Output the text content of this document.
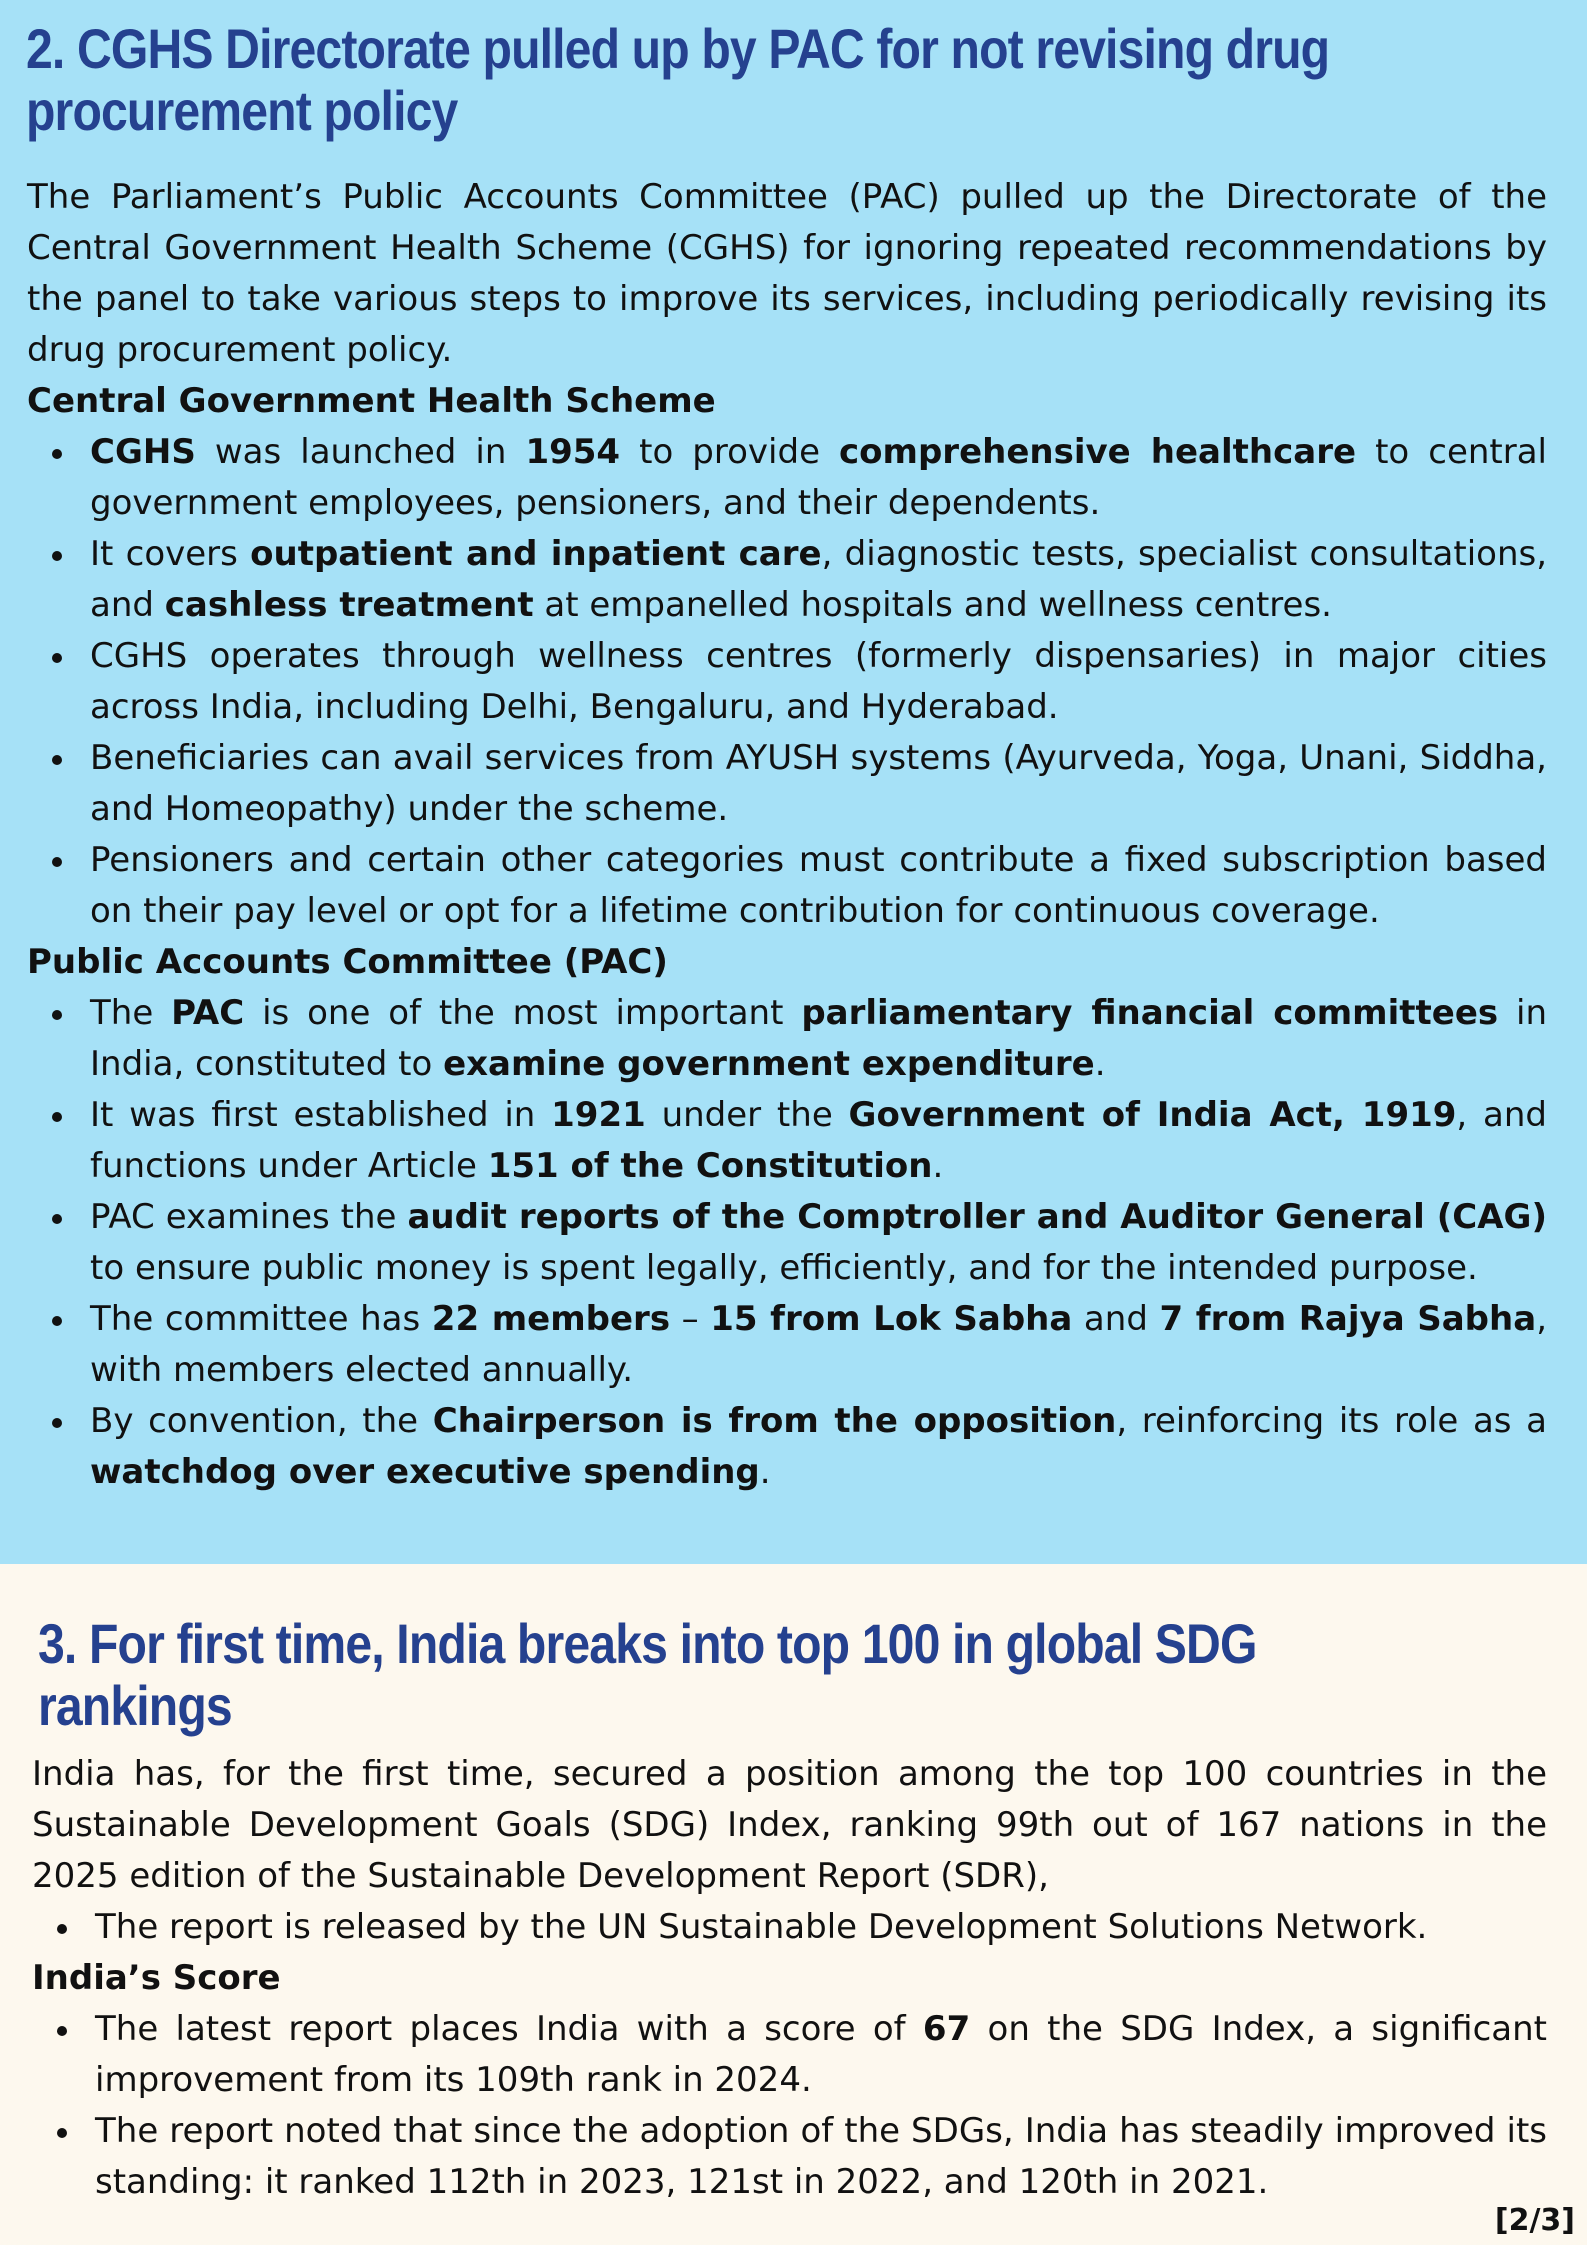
2. CGHS Directorate pulled up by PAC for not revising drug procurement policy

The Parliament’s Public Accounts Committee (PAC) pulled up the Directorate of the Central Government Health Scheme (CGHS) for ignoring repeated recommendations by the panel to take various steps to improve its services, including periodically revising its drug procurement policy.

Central Government Health Scheme

CGHS was launched in 1954 to provide comprehensive healthcare to central government employees, pensioners, and their dependents.
It covers outpatient and inpatient care, diagnostic tests, specialist consultations, and cashless treatment at empanelled hospitals and wellness centres.
CGHS operates through wellness centres (formerly dispensaries) in major cities across India, including Delhi, Bengaluru, and Hyderabad.
Beneficiaries can avail services from AYUSH systems (Ayurveda, Yoga, Unani, Siddha, and Homeopathy) under the scheme.
Pensioners and certain other categories must contribute a fixed subscription based on their pay level or opt for a lifetime contribution for continuous coverage.

Public Accounts Committee (PAC)

The PAC is one of the most important parliamentary financial committees in India, constituted to examine government expenditure.
It was first established in 1921 under the Government of India Act, 1919, and functions under Article 151 of the Constitution.
PAC examines the audit reports of the Comptroller and Auditor General (CAG) to ensure public money is spent legally, efficiently, and for the intended purpose.
The committee has 22 members – 15 from Lok Sabha and 7 from Rajya Sabha, with members elected annually.
By convention, the Chairperson is from the opposition, reinforcing its role as a watchdog over executive spending.
3. For first time, India breaks into top 100 in global SDG rankings

India has, for the first time, secured a position among the top 100 countries in the Sustainable Development Goals (SDG) Index, ranking 99th out of 167 nations in the 2025 edition of the Sustainable Development Report (SDR),

The report is released by the UN Sustainable Development Solutions Network.

India’s Score

The latest report places India with a score of 67 on the SDG Index, a significant improvement from its 109th rank in 2024.
The report noted that since the adoption of the SDGs, India has steadily improved its standing: it ranked 112th in 2023, 121st in 2022, and 120th in 2021.
[2/3]
